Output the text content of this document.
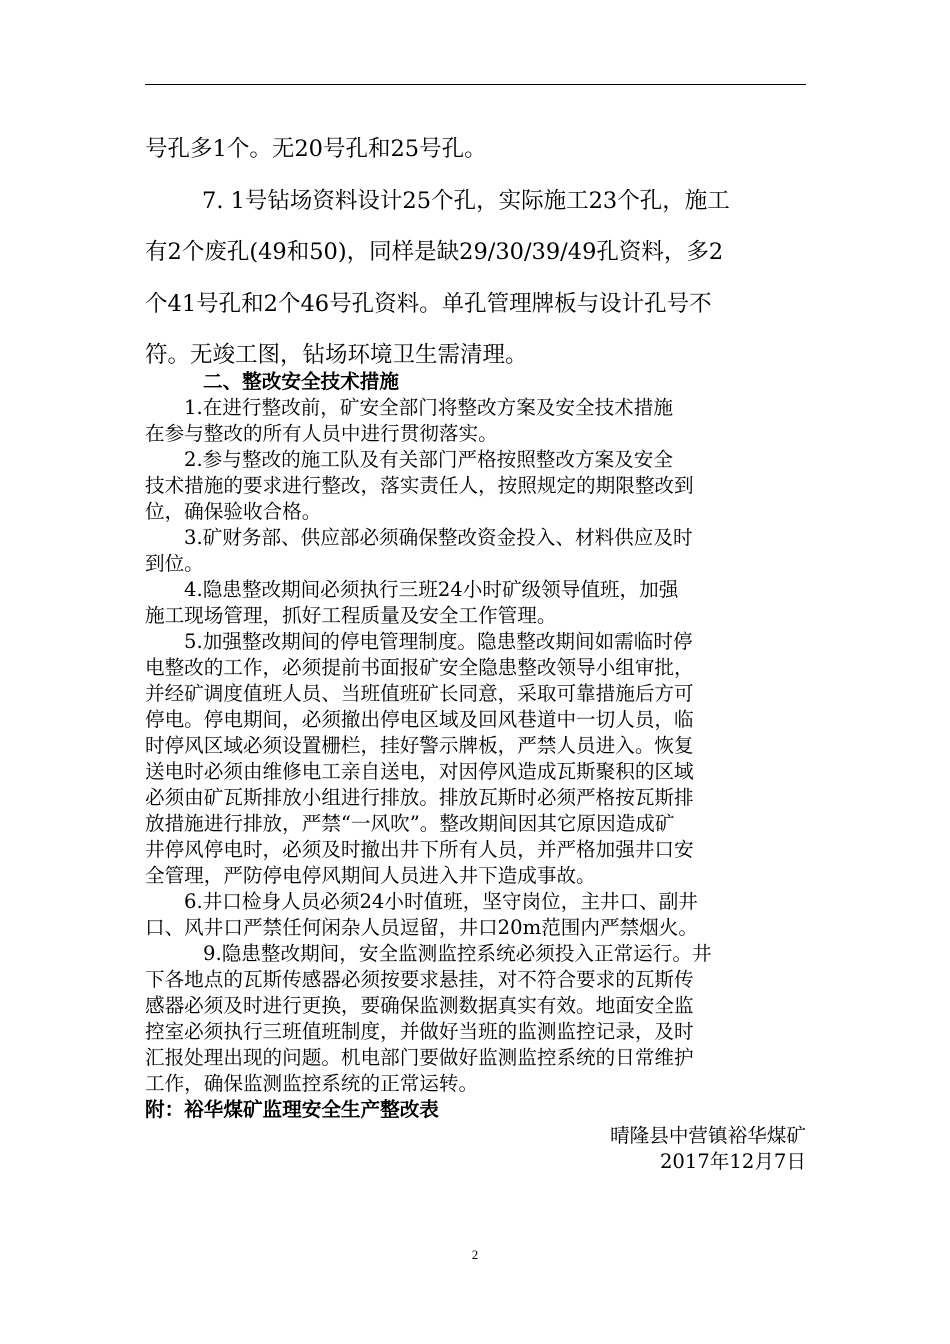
号孔多1个。无20号孔和25号孔。

7. 1号钻场资料设计25个孔，实际施工23个孔，施工

有2个废孔(49和50)，同样是缺29/30/39/49孔资料，多2

个41号孔和2个46号孔资料。单孔管理牌板与设计孔号不

符。无竣工图，钻场环境卫生需清理。

二、整改安全技术措施

1.在进行整改前，矿安全部门将整改方案及安全技术措施
在参与整改的所有人员中进行贯彻落实。

2.参与整改的施工队及有关部门严格按照整改方案及安全
技术措施的要求进行整改，落实责任人，按照规定的期限整改到
位，确保验收合格。

3.矿财务部、供应部必须确保整改资金投入、材料供应及时
到位。

4.隐患整改期间必须执行三班24小时矿级领导值班，加强
施工现场管理，抓好工程质量及安全工作管理。

5.加强整改期间的停电管理制度。隐患整改期间如需临时停
电整改的工作，必须提前书面报矿安全隐患整改领导小组审批，
并经矿调度值班人员、当班值班矿长同意，采取可靠措施后方可
停电。停电期间，必须撤出停电区域及回风巷道中一切人员，临
时停风区域必须设置栅栏，挂好警示牌板，严禁人员进入。恢复
送电时必须由维修电工亲自送电，对因停风造成瓦斯聚积的区域
必须由矿瓦斯排放小组进行排放。排放瓦斯时必须严格按瓦斯排
放措施进行排放，严禁“一风吹”。整改期间因其它原因造成矿
井停风停电时，必须及时撤出井下所有人员，并严格加强井口安
全管理，严防停电停风期间人员进入井下造成事故。

6.井口检身人员必须24小时值班，坚守岗位，主井口、副井
口、风井口严禁任何闲杂人员逗留，井口20m范围内严禁烟火。

9.隐患整改期间，安全监测监控系统必须投入正常运行。井
下各地点的瓦斯传感器必须按要求悬挂，对不符合要求的瓦斯传
感器必须及时进行更换，要确保监测数据真实有效。地面安全监
控室必须执行三班值班制度，并做好当班的监测监控记录，及时
汇报处理出现的问题。机电部门要做好监测监控系统的日常维护
工作，确保监测监控系统的正常运转。

附：裕华煤矿监理安全生产整改表

晴隆县中营镇裕华煤矿

2017年12月7日

2
